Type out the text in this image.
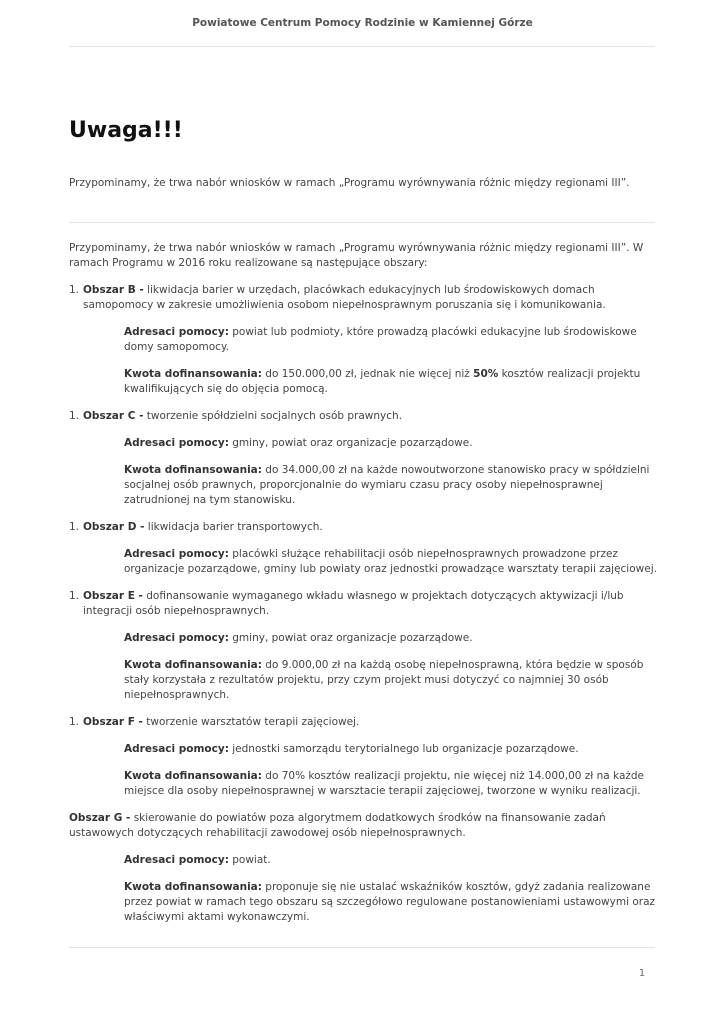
Powiatowe Centrum Pomocy Rodzinie w Kamiennej Górze
Uwaga!!!
Przypominamy, że trwa nabór wniosków w ramach „Programu wyrównywania różnic między regionami III”.

Przypominamy, że trwa nabór wniosków w ramach „Programu wyrównywania różnic między regionami III”. W ramach Programu w 2016 roku realizowane są następujące obszary:

1. Obszar B - likwidacja barier w urzędach, placówkach edukacyjnych lub środowiskowych domach samopomocy w zakresie umożliwienia osobom niepełnosprawnym poruszania się i komunikowania.

Adresaci pomocy: powiat lub podmioty, które prowadzą placówki edukacyjne lub środowiskowe domy samopomocy.

Kwota dofinansowania: do 150.000,00 zł, jednak nie więcej niż 50% kosztów realizacji projektu kwalifikujących się do objęcia pomocą.

1. Obszar C - tworzenie spółdzielni socjalnych osób prawnych.

Adresaci pomocy: gminy, powiat oraz organizacje pozarządowe.

Kwota dofinansowania: do 34.000,00 zł na każde nowoutworzone stanowisko pracy w spółdzielni socjalnej osób prawnych, proporcjonalnie do wymiaru czasu pracy osoby niepełnosprawnej zatrudnionej na tym stanowisku.

1. Obszar D - likwidacja barier transportowych.

Adresaci pomocy: placówki służące rehabilitacji osób niepełnosprawnych prowadzone przez organizacje pozarządowe, gminy lub powiaty oraz jednostki prowadzące warsztaty terapii zajęciowej.

1. Obszar E - dofinansowanie wymaganego wkładu własnego w projektach dotyczących aktywizacji i/lub integracji osób niepełnosprawnych.

Adresaci pomocy: gminy, powiat oraz organizacje pozarządowe.

Kwota dofinansowania: do 9.000,00 zł na każdą osobę niepełnosprawną, która będzie w sposób stały korzystała z rezultatów projektu, przy czym projekt musi dotyczyć co najmniej 30 osób niepełnosprawnych.

1. Obszar F - tworzenie warsztatów terapii zajęciowej.

Adresaci pomocy: jednostki samorządu terytorialnego lub organizacje pozarządowe.

Kwota dofinansowania: do 70% kosztów realizacji projektu, nie więcej niż 14.000,00 zł na każde miejsce dla osoby niepełnosprawnej w warsztacie terapii zajęciowej, tworzone w wyniku realizacji.

Obszar G - skierowanie do powiatów poza algorytmem dodatkowych środków na finansowanie zadań ustawowych dotyczących rehabilitacji zawodowej osób niepełnosprawnych.

Adresaci pomocy: powiat.

Kwota dofinansowania: proponuje się nie ustalać wskaźników kosztów, gdyż zadania realizowane przez powiat w ramach tego obszaru są szczegółowo regulowane postanowieniami ustawowymi oraz właściwymi aktami wykonawczymi.

1
